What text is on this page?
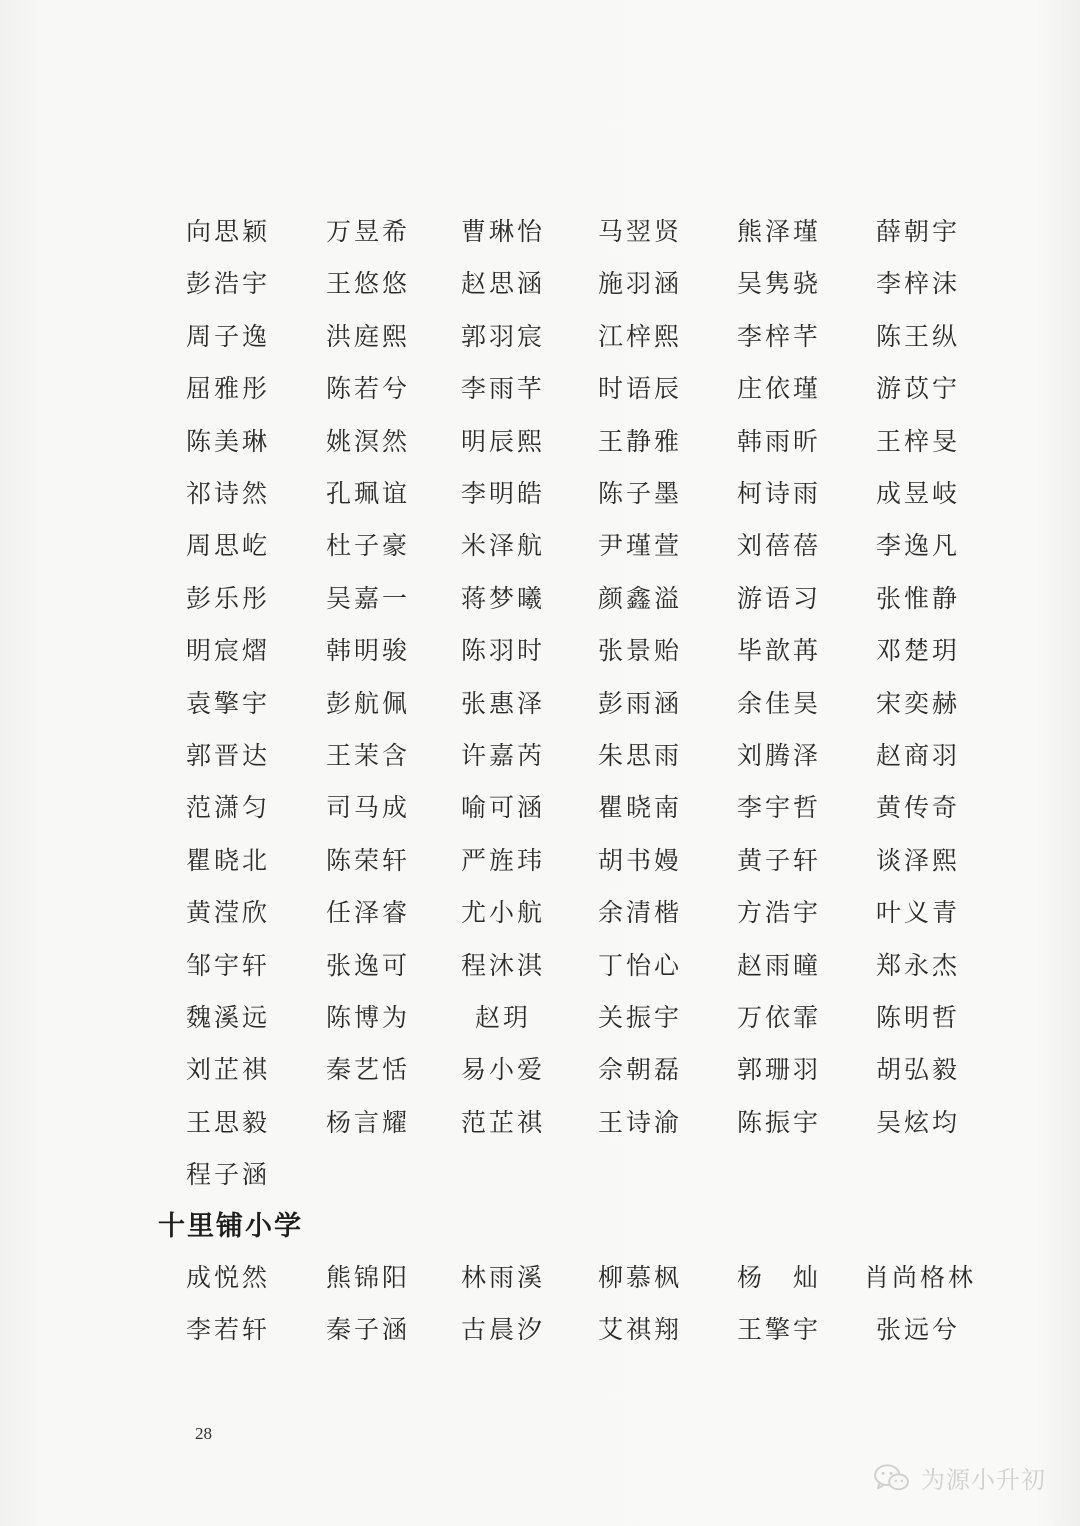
向思颖 万昱希 曹琳怡 马翌贤 熊泽瑾 薛朝宇
彭浩宇 王悠悠 赵思涵 施羽涵 吴隽骁 李梓沫
周子逸 洪庭熙 郭羽宸 江梓熙 李梓芊 陈王纵
屈雅彤 陈若兮 李雨芊 时语辰 庄依瑾 游苡宁
陈美琳 姚溟然 明辰熙 王静雅 韩雨昕 王梓旻
祁诗然 孔珮谊 李明皓 陈子墨 柯诗雨 成昱岐
周思屹 杜子豪 米泽航 尹瑾萱 刘蓓蓓 李逸凡
彭乐彤 吴嘉一 蒋梦曦 颜鑫溢 游语习 张惟静
明宸熠 韩明骏 陈羽时 张景贻 毕歆苒 邓楚玥
袁擎宇 彭航佩 张惠泽 彭雨涵 余佳昊 宋奕赫
郭晋达 王茉含 许嘉芮 朱思雨 刘腾泽 赵商羽
范潇匀 司马成 喻可涵 瞿晓南 李宇哲 黄传奇
瞿晓北 陈荣轩 严旌玮 胡书嫚 黄子轩 谈泽熙
黄滢欣 任泽睿 尤小航 余清楷 方浩宇 叶义青
邹宇轩 张逸可 程沐淇 丁怡心 赵雨曈 郑永杰
魏溪远 陈博为	赵玥	关振宇 万依霏 陈明哲
刘芷祺 秦艺恬 易小爱 佘朝磊 郭珊羽 胡弘毅
王思毅 杨言耀 范芷祺 王诗渝 陈振宇 吴炫均
程子涵
十里铺小学
成悦然 熊锦阳 林雨溪 柳慕枫 杨　灿 肖尚格林
李若轩 秦子涵 古晨汐 艾祺翔 王擎宇 张远兮
28
为源小升初
